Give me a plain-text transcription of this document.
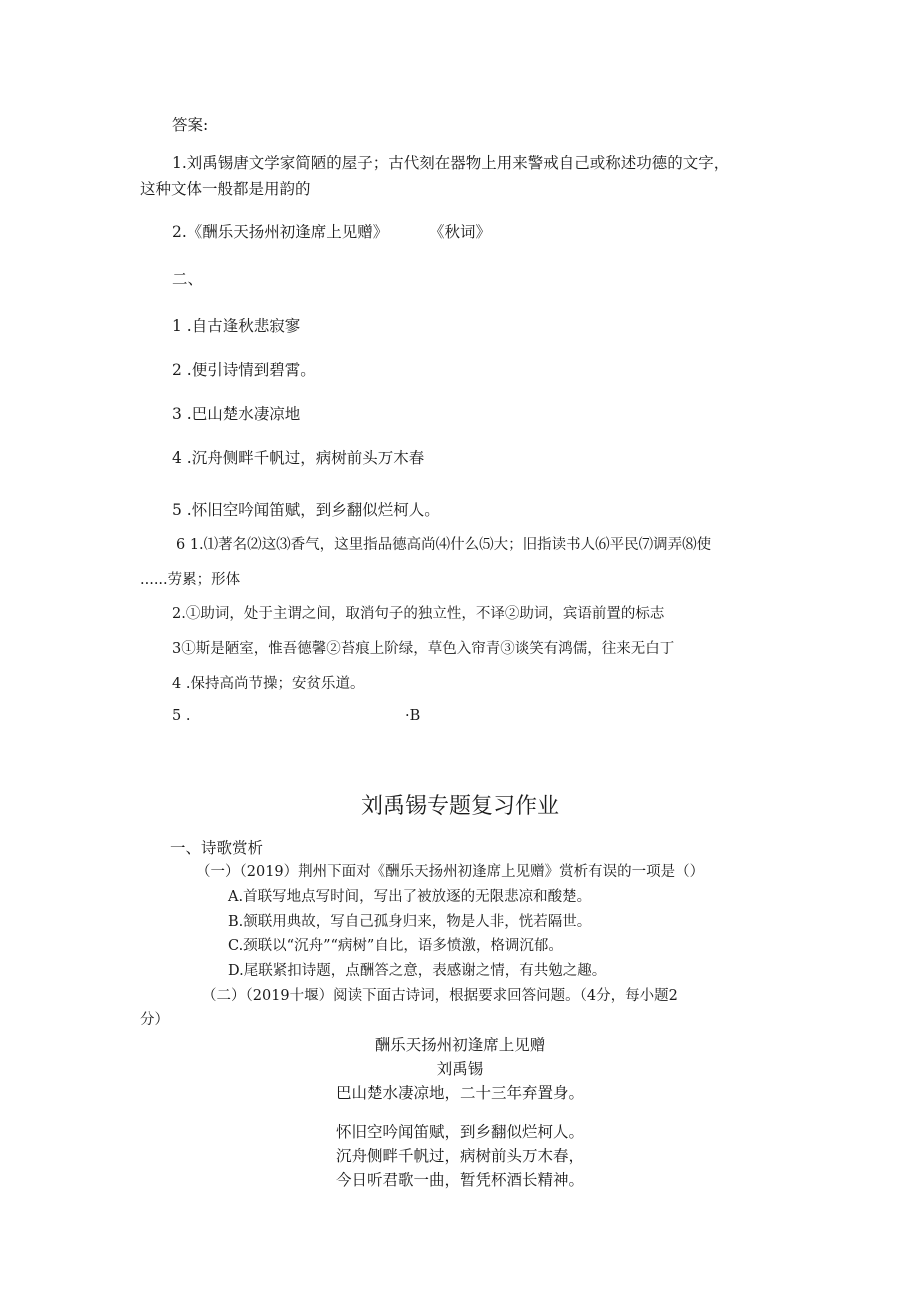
答案:
1.刘禹锡唐文学家简陋的屋子；古代刻在器物上用来警戒自己或称述功德的文字，
这种文体一般都是用韵的
2.《酬乐天扬州初逢席上见赠》	《秋词》
二、
1 .自古逢秋悲寂寥
2 .便引诗情到碧霄。
3 .巴山楚水凄凉地
4 .沉舟侧畔千帆过，病树前头万木春
5 .怀旧空吟闻笛赋，到乡翻似烂柯人。
6 1.⑴著名⑵这⑶香气，这里指品德高尚⑷什么⑸大；旧指读书人⑹平民⑺调弄⑻使
......劳累；形体
2.①助词，处于主谓之间，取消句子的独立性，不译②助词，宾语前置的标志
3①斯是陋室，惟吾德馨②苔痕上阶绿，草色入帘青③谈笑有鸿儒，往来无白丁
4 .保持高尚节操；安贫乐道。
5 .	·B
刘禹锡专题复习作业
一、诗歌赏析
（一）（2019）荆州下面对《酬乐天扬州初逢席上见赠》赏析有误的一项是（）
A.首联写地点写时间，写出了被放逐的无限悲凉和酸楚。
B.颔联用典故，写自己孤身归来，物是人非，恍若隔世。
C.颈联以“沉舟”“病树”自比，语多愤激，格调沉郁。
D.尾联紧扣诗题，点酬答之意，表感谢之情，有共勉之趣。
（二）（2019十堰）阅读下面古诗词，根据要求回答问题。（4分，每小题2
分）
酬乐天扬州初逢席上见赠
刘禹锡
巴山楚水凄凉地，二十三年弃置身。
怀旧空吟闻笛赋，到乡翻似烂柯人。
沉舟侧畔千帆过，病树前头万木春，
今日听君歌一曲，暂凭杯酒长精神。
